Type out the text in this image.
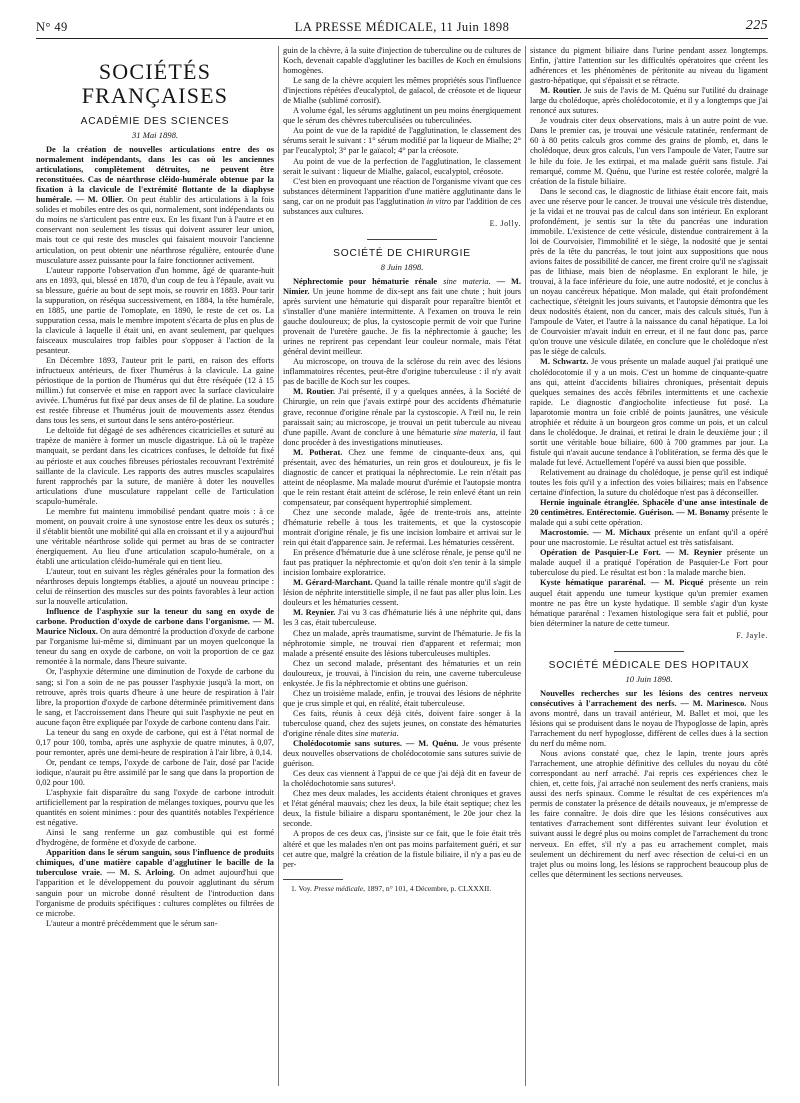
N° 49	LA PRESSE MÉDICALE, 11 Juin 1898	225
SOCIÉTÉS FRANÇAISES
ACADÉMIE DES SCIENCES
31 Mai 1898.

De la création de nouvelles articulations entre des os normalement indépendants, dans les cas où les anciennes articulations, complètement détruites, ne peuvent être reconstituées. Cas de néarthrose cléido-humérale obtenue par la fixation à la clavicule de l'extrémité flottante de la diaphyse humérale. — M. Ollier. On peut établir des articulations à la fois solides et mobiles entre des os qui, normalement, sont indépendants ou du moins ne s'articulent pas entre eux. En les fixant l'un à l'autre et en conservant non seulement les tissus qui doivent assurer leur union, mais tout ce qui reste des muscles qui faisaient mouvoir l'ancienne articulation, on peut obtenir une néarthrose régulière, entourée d'une musculature assez puissante pour la faire fonctionner activement.

L'auteur rapporte l'observation d'un homme, âgé de quarante-huit ans en 1893, qui, blessé en 1870, d'un coup de feu à l'épaule, avait vu sa blessure, guérie au bout de sept mois, se rouvrir en 1883. Pour tarir la suppuration, on réséqua successivement, en 1884, la tête humérale, en 1885, une partie de l'omoplate, en 1890, le reste de cet os. La suppuration cessa, mais le membre impotent s'écarta de plus en plus de la clavicule à laquelle il était uni, en avant seulement, par quelques faisceaux musculaires trop faibles pour s'opposer à l'action de la pesanteur.

En Décembre 1893, l'auteur prit le parti, en raison des efforts infructueux antérieurs, de fixer l'humérus à la clavicule. La gaine périostique de la portion de l'humérus qui dut être réséquée (12 à 15 millim.) fut conservée et mise en rapport avec la surface claviculaire avivée. L'humérus fut fixé par deux anses de fil de platine. La soudure est restée fibreuse et l'humérus jouit de mouvements assez étendus dans tous les sens, et surtout dans le sens antéro-postérieur.

Le deltoïde fut dégagé de ses adhérences cicatricielles et suturé au trapèze de manière à former un muscle digastrique. Là où le trapèze manquait, se perdant dans les cicatrices confuses, le deltoïde fut fixé au périoste et aux couches fibreuses périostales recouvrant l'extrémité saillante de la clavicule. Les rapports des autres muscles scapulaires furent rapprochés par la suture, de manière à doter les nouvelles articulations d'une musculature rappelant celle de l'articulation scapulo-humérale.

Le membre fut maintenu immobilisé pendant quatre mois : à ce moment, on pouvait croire à une synostose entre les deux os suturés ; il s'établit bientôt une mobilité qui alla en croissant et il y a aujourd'hui une véritable néarthrose solide qui permet au bras de se contracter énergiquement. Au lieu d'une articulation scapulo-humérale, on a établi une articulation cléido-humérale qui en tient lieu.

L'auteur, tout en suivant les règles générales pour la formation des néarthroses depuis longtemps établies, a ajouté un nouveau principe : celui de réinsertion des muscles sur des points favorables à leur action sur la nouvelle articulation.

Influence de l'asphyxie sur la teneur du sang en oxyde de carbone. Production d'oxyde de carbone dans l'organisme. — M. Maurice Nicloux. On aura démontré la production d'oxyde de carbone par l'organisme lui-même si, diminuant par un moyen quelconque la teneur du sang en oxyde de carbone, on voit la proportion de ce gaz remontée à la normale, dans l'heure suivante.

Or, l'asphyxie détermine une diminution de l'oxyde de carbone du sang; si l'on a soin de ne pas pousser l'asphyxie jusqu'à la mort, on retrouve, après trois quarts d'heure à une heure de respiration à l'air libre, la proportion d'oxyde de carbone déterminée primitivement dans le sang, et l'accroissement dans l'heure qui suit l'asphyxie ne peut en aucune façon être expliquée par l'oxyde de carbone contenu dans l'air.

La teneur du sang en oxyde de carbone, qui est à l'état normal de 0,17 pour 100, tomba, après une asphyxie de quatre minutes, à 0,07, pour remonter, après une demi-heure de respiration à l'air libre, à 0,14.

Or, pendant ce temps, l'oxyde de carbone de l'air, dosé par l'acide iodique, n'aurait pu être assimilé par le sang que dans la proportion de 0,02 pour 100.

L'asphyxie fait disparaître du sang l'oxyde de carbone introduit artificiellement par la respiration de mélanges toxiques, pourvu que les quantités en soient minimes : pour des quantités notables l'expérience est négative.

Ainsi le sang renferme un gaz combustible qui est formé d'hydrogène, de formène et d'oxyde de carbone.

Apparition dans le sérum sanguin, sous l'influence de produits chimiques, d'une matière capable d'agglutiner le bacille de la tuberculose vraie. — M. S. Arloing. On admet aujourd'hui que l'apparition et le développement du pouvoir agglutinant du sérum sanguin pour un microbe donné résultent de l'introduction dans l'organisme de produits spécifiques : cultures complètes ou filtrées de ce microbe.

L'auteur a montré précédemment que le sérum san-

guin de la chèvre, à la suite d'injection de tuberculine ou de cultures de Koch, devenait capable d'agglutiner les bacilles de Koch en émulsions homogènes.

Le sang de la chèvre acquiert les mêmes propriétés sous l'influence d'injections répétées d'eucalyptol, de gaïacol, de créosote et de liqueur de Mialhe (sublimé corrosif).

A volume égal, les sérums agglutinent un peu moins énergiquement que le sérum des chèvres tuberculisées ou tuberculinées.

Au point de vue de la rapidité de l'agglutination, le classement des sérums serait le suivant : 1° sérum modifié par la liqueur de Mialhe; 2° par l'eucalyptol; 3° par le gaïacol; 4° par la créosote.

Au point de vue de la perfection de l'agglutination, le classement serait le suivant : liqueur de Mialhe, gaïacol, eucalyptol, créosote.

C'est bien en provoquant une réaction de l'organisme vivant que ces substances déterminent l'apparition d'une matière agglutinante dans le sang, car on ne produit pas l'agglutination in vitro par l'addition de ces substances aux cultures.

E. Jolly.
SOCIÉTÉ DE CHIRURGIE
8 Juin 1898.

Néphrectomie pour hématurie rénale sine materia. — M. Nimier. Un jeune homme de dix-sept ans fait une chute ; huit jours après survient une hématurie qui disparaît pour reparaître bientôt et s'installer d'une manière intermittente. A l'examen on trouva le rein gauche douloureux; de plus, la cystoscopie permit de voir que l'urine provenait de l'uretère gauche. Je fis la néphrectomie à gauche; les urines ne reprirent pas cependant leur couleur normale, mais l'état général devint meilleur.

Au microscope, on trouva de la sclérose du rein avec des lésions inflammatoires récentes, peut-être d'origine tuberculeuse : il n'y avait pas de bacille de Koch sur les coupes.

M. Routier. J'ai présenté, il y a quelques années, à la Société de Chirurgie, un rein que j'avais extirpé pour des accidents d'hématurie grave, reconnue d'origine rénale par la cystoscopie. A l'œil nu, le rein paraissait sain; au microscope, je trouvai un petit tubercule au niveau d'une papille. Avant de conclure à une hématurie sine materia, il faut donc procéder à des investigations minutieuses.

M. Potherat. Chez une femme de cinquante-deux ans, qui présentait, avec des hématuries, un rein gros et douloureux, je fis le diagnostic de cancer et pratiquai la néphrectomie. Le rein n'était pas atteint de néoplasme. Ma malade mourut d'urémie et l'autopsie montra que le rein restant était atteint de sclérose, le rein enlevé étant un rein compensateur, par conséquent hypertrophié simplement.

Chez une seconde malade, âgée de trente-trois ans, atteinte d'hématurie rebelle à tous les traitements, et que la cystoscopie montrait d'origine rénale, je fis une incision lombaire et arrivai sur le rein qui était d'apparence sain. Je refermai. Les hématuries cessèrent.

En présence d'hématurie due à une sclérose rénale, je pense qu'il ne faut pas pratiquer la néphrectomie et qu'on doit s'en tenir à la simple incision lombaire exploratrice.

M. Gérard-Marchant. Quand la taille rénale montre qu'il s'agit de lésion de néphrite interstitielle simple, il ne faut pas aller plus loin. Les douleurs et les hématuries cessent.

M. Reynier. J'ai vu 3 cas d'hématurie liés à une néphrite qui, dans les 3 cas, était tuberculeuse.

Chez un malade, après traumatisme, survint de l'hématurie. Je fis la néphrotomie simple, ne trouvai rien d'apparent et refermai; mon malade a présenté ensuite des lésions tuberculeuses multiples.

Chez un second malade, présentant des hématuries et un rein douloureux, je trouvai, à l'incision du rein, une caverne tuberculeuse enkystée. Je fis la néphrectomie et obtins une guérison.

Chez un troisième malade, enfin, je trouvai des lésions de néphrite que je crus simple et qui, en réalité, était tuberculeuse.

Ces faits, réunis à ceux déjà cités, doivent faire songer à la tuberculose quand, chez des sujets jeunes, on constate des hématuries d'origine rénale dites sine materia.

Cholédocotomie sans sutures. — M. Quénu. Je vous présente deux nouvelles observations de cholédocotomie sans sutures suivie de guérison.

Ces deux cas viennent à l'appui de ce que j'ai déjà dit en faveur de la cholédochotomie sans sutures¹.

Chez mes deux malades, les accidents étaient chroniques et graves et l'état général mauvais; chez les deux, la bile était septique; chez les deux, la fistule biliaire a disparu spontanément, le 20e jour chez la seconde.

A propos de ces deux cas, j'insiste sur ce fait, que le foie était très altéré et que les malades n'en ont pas moins parfaitement guéri, et sur cet autre que, malgré la création de la fistule biliaire, il n'y a pas eu de per-

1. Voy. Presse médicale, 1897, n° 101, 4 Décembre, p. CLXXXII.

sistance du pigment biliaire dans l'urine pendant assez longtemps. Enfin, j'attire l'attention sur les difficultés opératoires que créent les adhérences et les phénomènes de péritonite au niveau du ligament gastro-hépatique, qui s'épaissit et se rétracte.

M. Routier. Je suis de l'avis de M. Quénu sur l'utilité du drainage large du cholédoque, après cholédocotomie, et il y a longtemps que j'ai renoncé aux sutures.

Je voudrais citer deux observations, mais à un autre point de vue. Dans le premier cas, je trouvai une vésicule ratatinée, renfermant de 60 à 80 petits calculs gros comme des grains de plomb, et, dans le cholédoque, deux gros calculs, l'un vers l'ampoule de Vater, l'autre sur le hile du foie. Je les extirpai, et ma malade guérit sans fistule. J'ai remarqué, comme M. Quénu, que l'urine est restée colorée, malgré la création de la fistule biliaire.

Dans le second cas, le diagnostic de lithiase était encore fait, mais avec une réserve pour le cancer. Je trouvai une vésicule très distendue, je la vidai et ne trouvai pas de calcul dans son intérieur. En explorant profondément, je sentis sur la tête du pancréas une induration immobile. L'existence de cette vésicule, distendue contrairement à la loi de Courvoisier, l'immobilité et le siège, la nodosité que je sentai près de la tête du pancréas, le tout joint aux suppositions que nous avions faites de possibilité de cancer, me firent croire qu'il ne s'agissait pas de lithiase, mais bien de néoplasme. En explorant le hile, je trouvai, à la face inférieure du foie, une autre nodosité, et je conclus à un noyau cancéreux hépatique. Mon malade, qui était profondément cachectique, s'éteignit les jours suivants, et l'autopsie démontra que les deux nodosités étaient, non du cancer, mais des calculs situés, l'un à l'ampoule de Vater, et l'autre à la naissance du canal hépatique. La loi de Courvoisier m'avait induit en erreur, et il ne faut donc pas, parce qu'on trouve une vésicule dilatée, en conclure que le cholédoque n'est pas le siège de calculs.

M. Schwartz. Je vous présente un malade auquel j'ai pratiqué une cholédocotomie il y a un mois. C'est un homme de cinquante-quatre ans qui, atteint d'accidents biliaires chroniques, présentait depuis quelques semaines des accès fébriles intermittents et une cachexie rapide. Le diagnostic d'angiocholite infectieuse fut posé. La laparotomie montra un foie criblé de points jaunâtres, une vésicule atrophiée et réduite à un bourgeon gros comme un pois, et un calcul dans le cholédoque. Je drainai, et retirai le drain le deuxième jour ; il sortit une véritable boue biliaire, 600 à 700 grammes par jour. La fistule qui n'avait aucune tendance à l'oblitération, se ferma dès que le malade fut levé. Actuellement l'opéré va aussi bien que possible.

Relativement au drainage du cholédoque, je pense qu'il est indiqué toutes les fois qu'il y a infection des voies biliaires; mais en l'absence certaine d'infection, la suture du cholédoque n'est pas à déconseiller.

Hernie inguinale étranglée. Sphacèle d'une anse intestinale de 20 centimètres. Entérectomie. Guérison. — M. Bonamy présente le malade qui a subi cette opération.

Macrostomie. — M. Michaux présente un enfant qu'il a opéré pour une macrostomie. Le résultat actuel est très satisfaisant.

Opération de Pasquier-Le Fort. — M. Reynier présente un malade auquel il a pratiqué l'opération de Pasquier-Le Fort pour tuberculose du pied. Le résultat est bon : la malade marche bien.

Kyste hématique pararénal. — M. Picqué présente un rein auquel était appendu une tumeur kystique qu'un premier examen montre ne pas être un kyste hydatique. Il semble s'agir d'un kyste hématique pararénal : l'examen histologique sera fait et publié, pour bien déterminer la nature de cette tumeur.

F. Jayle.
SOCIÉTÉ MÉDICALE DES HOPITAUX
10 Juin 1898.

Nouvelles recherches sur les lésions des centres nerveux consécutives à l'arrachement des nerfs. — M. Marinesco. Nous avons montré, dans un travail antérieur, M. Ballet et moi, que les lésions qui se produisent dans le noyau de l'hypoglosse de lapin, après l'arrachement du nerf hypoglosse, diffèrent de celles dues à la section du nerf du même nom.

Nous avions constaté que, chez le lapin, trente jours après l'arrachement, une atrophie définitive des cellules du noyau du côté correspondant au nerf arraché. J'ai repris ces expériences chez le chien, et, cette fois, j'ai arraché non seulement des nerfs craniens, mais aussi des nerfs spinaux. Comme le résultat de ces expériences m'a permis de constater la présence de détails nouveaux, je m'empresse de les faire connaître. Je dois dire que les lésions consécutives aux tentatives d'arrachement sont différentes suivant leur évolution et suivant aussi le degré plus ou moins complet de l'arrachement du tronc nerveux. En effet, s'il n'y a pas eu arrachement complet, mais seulement un déchirement du nerf avec résection de celui-ci en un trajet plus ou moins long, les lésions se rapprochent beaucoup plus de celles que déterminent les sections nerveuses.
